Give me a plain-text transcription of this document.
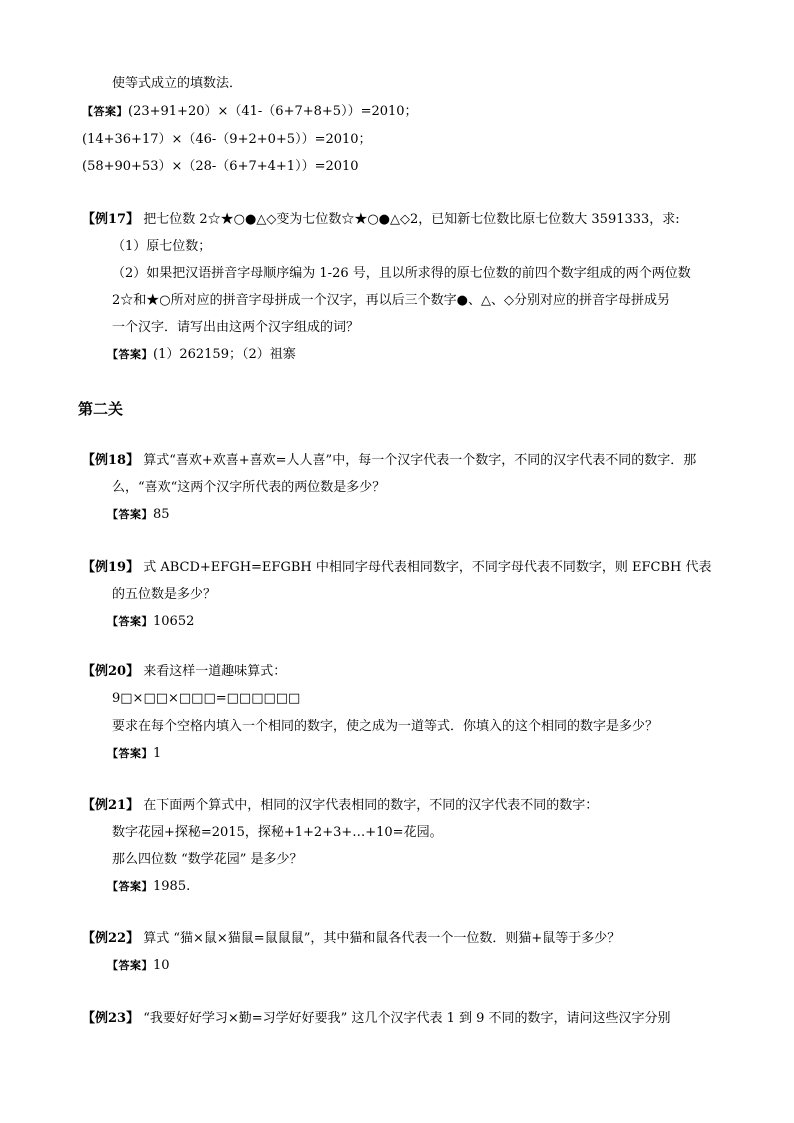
使等式成立的填数法．
【答案】(23+91+20）×（41-（6+7+8+5））=2010；
(14+36+17）×（46-（9+2+0+5））=2010；
(58+90+53）×（28-（6+7+4+1））=2010
【例17】 把七位数 2☆★○●△◇变为七位数☆★○●△◇2，已知新七位数比原七位数大 3591333，求:
（1）原七位数；
（2）如果把汉语拼音字母顺序编为 1-26 号，且以所求得的原七位数的前四个数字组成的两个两位数
2☆和★○所对应的拼音字母拼成一个汉字，再以后三个数字●、△、◇分别对应的拼音字母拼成另
一个汉字．请写出由这两个汉字组成的词？
【答案】(1）262159；（2）祖寨
第二关
【例18】 算式“喜欢+欢喜+喜欢=人人喜”中，每一个汉字代表一个数字，不同的汉字代表不同的数字．那
么，“喜欢“这两个汉字所代表的两位数是多少？
【答案】85
【例19】 式 ABCD+EFGH=EFGBH 中相同字母代表相同数字，不同字母代表不同数字，则 EFCBH 代表
的五位数是多少？
【答案】10652
【例20】 来看这样一道趣味算式：
9□×□□×□□□=□□□□□□
要求在每个空格内填入一个相同的数字，使之成为一道等式．你填入的这个相同的数字是多少？
【答案】1
【例21】 在下面两个算式中，相同的汉字代表相同的数字，不同的汉字代表不同的数字：
数字花园+探秘=2015，探秘+1+2+3+…+10=花园。
那么四位数 “数学花园” 是多少？
【答案】1985.
【例22】 算式 “猫×鼠×猫鼠=鼠鼠鼠”，其中猫和鼠各代表一个一位数．则猫+鼠等于多少？
【答案】10
【例23】 “我要好好学习×勤=习学好好要我” 这几个汉字代表 1 到 9 不同的数字，请问这些汉字分别
